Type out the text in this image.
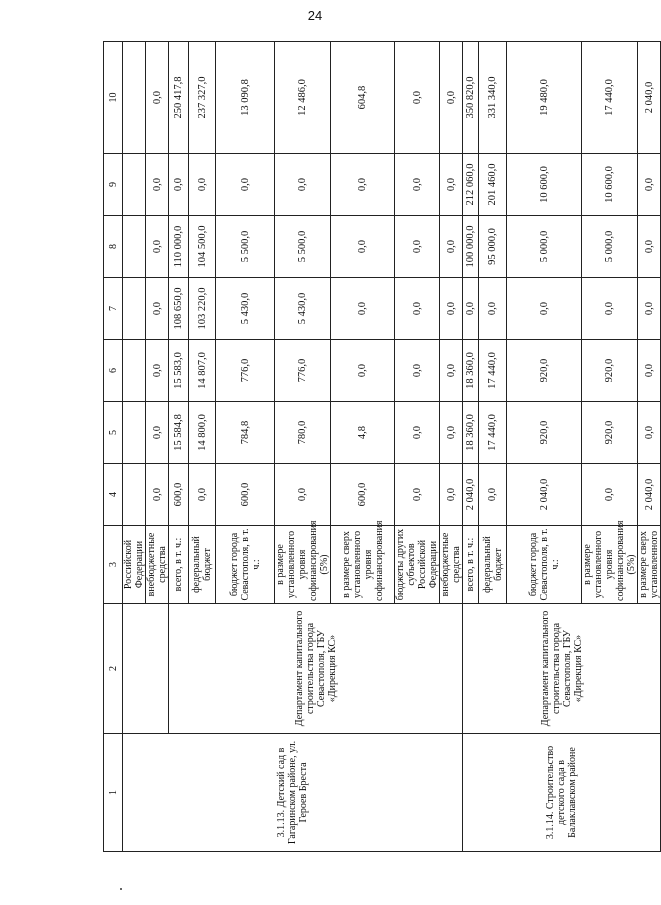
24
1	2	3	4	5	6	7	8	9	10
3.1.13. Детский сад в Гагаринском районе, ул. Героев Бреста		Российской Федерации							
		внебюджетные средства	0,0	0,0	0,0	0,0	0,0	0,0	0,0
	Департамент капитального строительства города Севастополя, ГБУ «Дирекция КС»	всего, в т. ч.:	600,0	15 584,8	15 583,0	108 650,0	110 000,0	0,0	250 417,8
		федеральный бюджет	0,0	14 800,0	14 807,0	103 220,0	104 500,0	0,0	237 327,0
		бюджет города Севастополя, в т. ч.:	600,0	784,8	776,0	5 430,0	5 500,0	0,0	13 090,8
		в размере установленного уровня софинансирования (5%)	0,0	780,0	776,0	5 430,0	5 500,0	0,0	12 486,0
		в размере сверх установленного уровня софинансирования	600,0	4,8	0,0	0,0	0,0	0,0	604,8
		бюджеты других субъектов Российской Федерации	0,0	0,0	0,0	0,0	0,0	0,0	0,0
		внебюджетные средства	0,0	0,0	0,0	0,0	0,0	0,0	0,0
3.1.14. Строительство детского сада в Балаклавском районе	Департамент капитального строительства города Севастополя, ГБУ «Дирекция КС»	всего, в т. ч.:	2 040,0	18 360,0	18 360,0	0,0	100 000,0	212 060,0	350 820,0
		федеральный бюджет	0,0	17 440,0	17 440,0	0,0	95 000,0	201 460,0	331 340,0
		бюджет города Севастополя, в т. ч.:	2 040,0	920,0	920,0	0,0	5 000,0	10 600,0	19 480,0
		в размере установленного уровня софинансирования (5%)	0,0	920,0	920,0	0,0	5 000,0	10 600,0	17 440,0
		в размере сверх установленного	2 040,0	0,0	0,0	0,0	0,0	0,0	2 040,0
